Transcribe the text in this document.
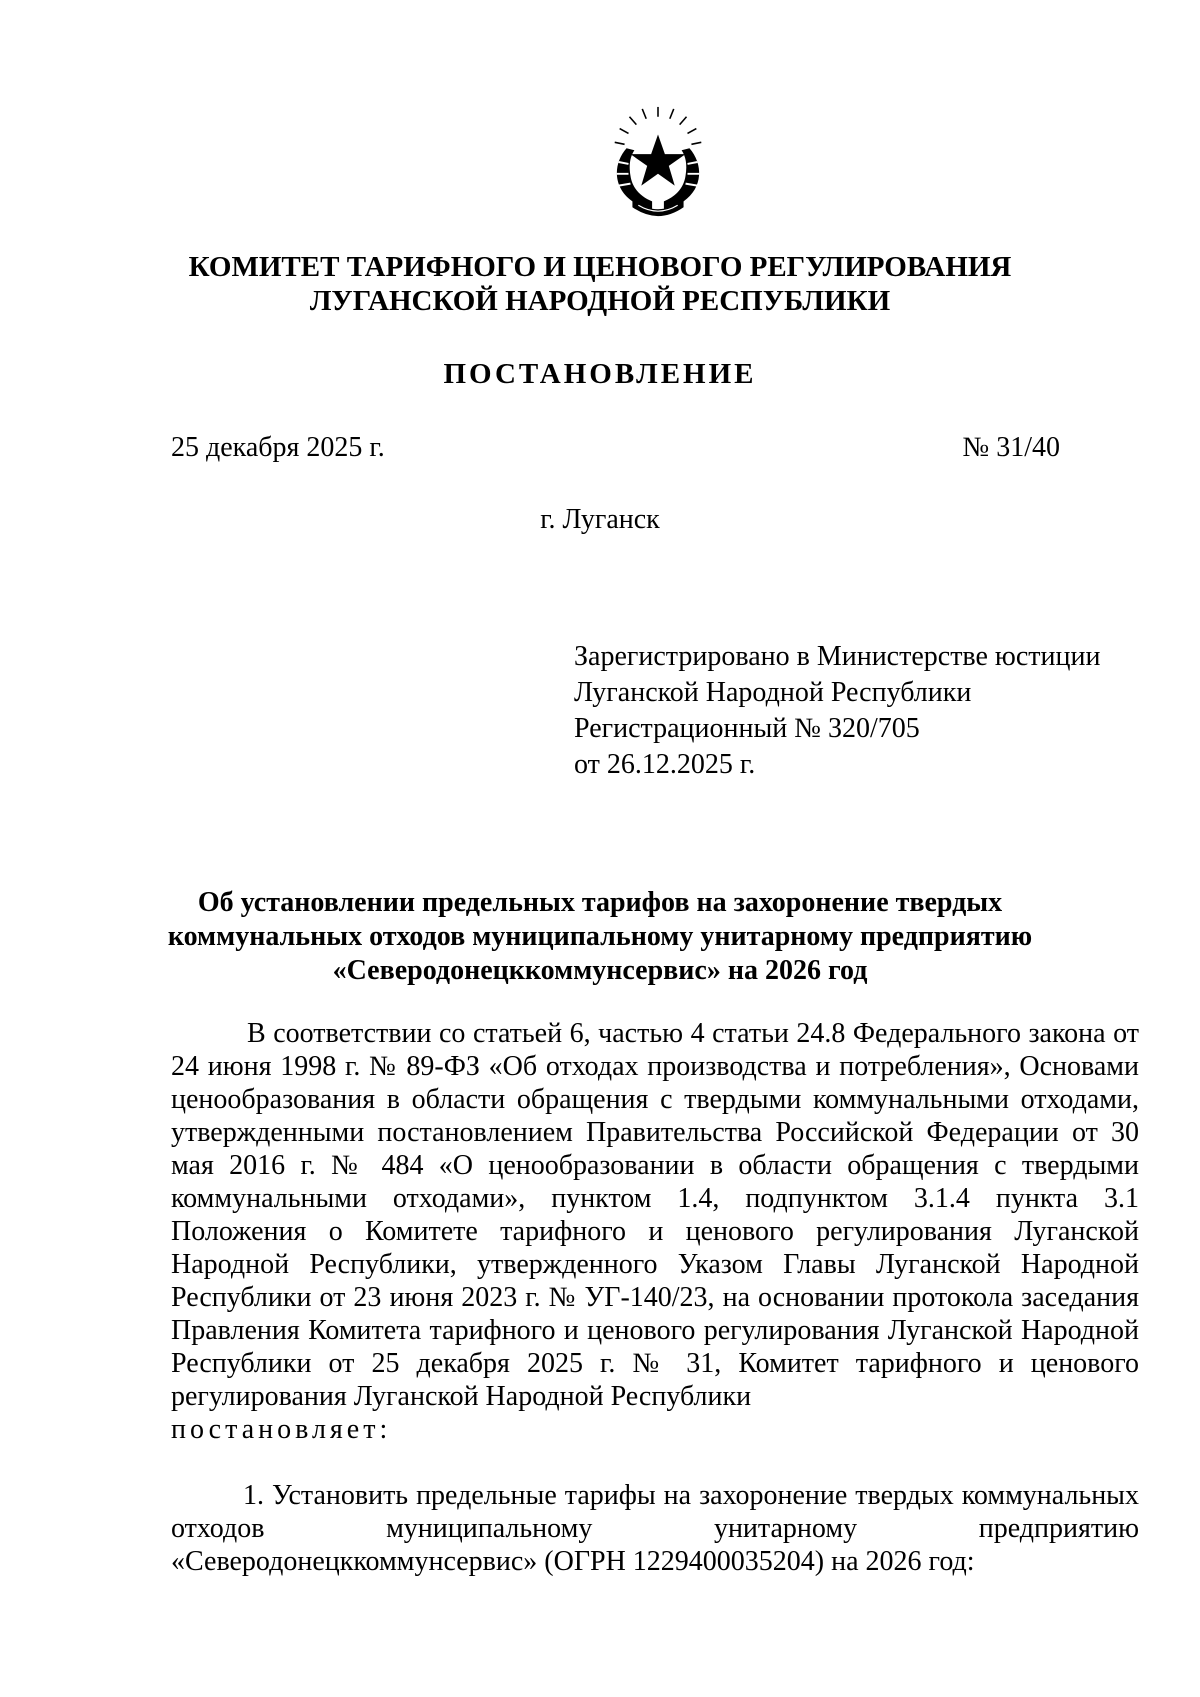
КОМИТЕТ ТАРИФНОГО И ЦЕНОВОГО РЕГУЛИРОВАНИЯ
ЛУГАНСКОЙ НАРОДНОЙ РЕСПУБЛИКИ
ПОСТАНОВЛЕНИЕ
25 декабря 2025 г.	№ 31/40
г. Луганск
Зарегистрировано в Министерстве юстиции
Луганской Народной Республики
Регистрационный № 320/705
от 26.12.2025 г.
Об установлении предельных тарифов на захоронение твердых
коммунальных отходов муниципальному унитарному предприятию
«Северодонецккоммунсервис» на 2026 год

В соответствии со статьей 6, частью 4 статьи 24.8 Федерального закона от 24 июня 1998 г. № 89-ФЗ «Об отходах производства и потребления», Основами ценообразования в области обращения с твердыми коммунальными отходами, утвержденными постановлением Правительства Российской Федерации от 30 мая 2016 г. № 484 «О ценообразовании в области обращения с твердыми коммунальными отходами», пунктом 1.4, подпунктом 3.1.4 пункта 3.1 Положения о Комитете тарифного и ценового регулирования Луганской Народной Республики, утвержденного Указом Главы Луганской Народной Республики от 23 июня 2023 г. № УГ-140/23, на основании протокола заседания Правления Комитета тарифного и ценового регулирования Луганской Народной Республики от 25 декабря 2025 г. № 31, Комитет тарифного и ценового регулирования Луганской Народной Республики
постановляет:

1. Установить предельные тарифы на захоронение твердых коммунальных отходов муниципальному унитарному предприятию «Северодонецккоммунсервис» (ОГРН 1229400035204) на 2026 год:
